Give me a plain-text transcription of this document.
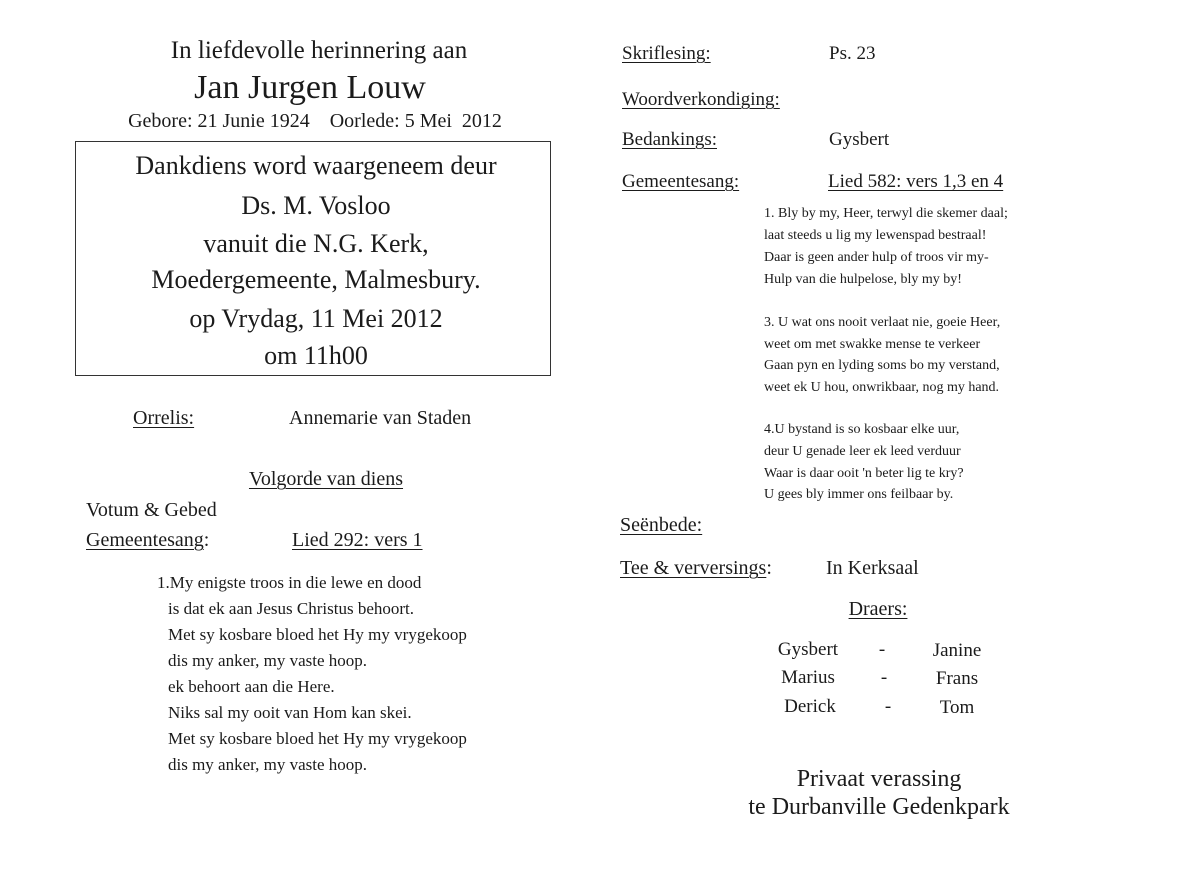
In liefdevolle herinnering aan
Jan Jurgen Louw
Gebore: 21 Junie 1924    Oorlede: 5 Mei  2012
Dankdiens word waargeneem deur
Ds. M. Vosloo
vanuit die N.G. Kerk,
Moedergemeente, Malmesbury.
op Vrydag, 11 Mei 2012
om 11h00
Orrelis:	Annemarie van Staden
Volgorde van diens
Votum & Gebed
Gemeentesang:	Lied 292: vers 1
1.My enigste troos in die lewe en dood
is dat ek aan Jesus Christus behoort.
Met sy kosbare bloed het Hy my vrygekoop
dis my anker, my vaste hoop.
ek behoort aan die Here.
Niks sal my ooit van Hom kan skei.
Met sy kosbare bloed het Hy my vrygekoop
dis my anker, my vaste hoop.
Skriflesing:	Ps. 23
Woordverkondiging:
Bedankings:	Gysbert
Gemeentesang:	Lied 582: vers 1,3 en 4
1. Bly by my, Heer, terwyl die skemer daal;
laat steeds u lig my lewenspad bestraal!
Daar is geen ander hulp of troos vir my-
Hulp van die hulpelose, bly my by!
3. U wat ons nooit verlaat nie, goeie Heer,
weet om met swakke mense te verkeer
Gaan pyn en lyding soms bo my verstand,
weet ek U hou, onwrikbaar, nog my hand.
4.U bystand is so kosbaar elke uur,
deur U genade leer ek leed verduur
Waar is daar ooit 'n beter lig te kry?
U gees bly immer ons feilbaar by.
Seënbede:
Tee & verversings:	In Kerksaal
Draers:
Gysbert -	Janine
Marius -	Frans
Derick	-	Tom
Privaat verassing
te Durbanville Gedenkpark
